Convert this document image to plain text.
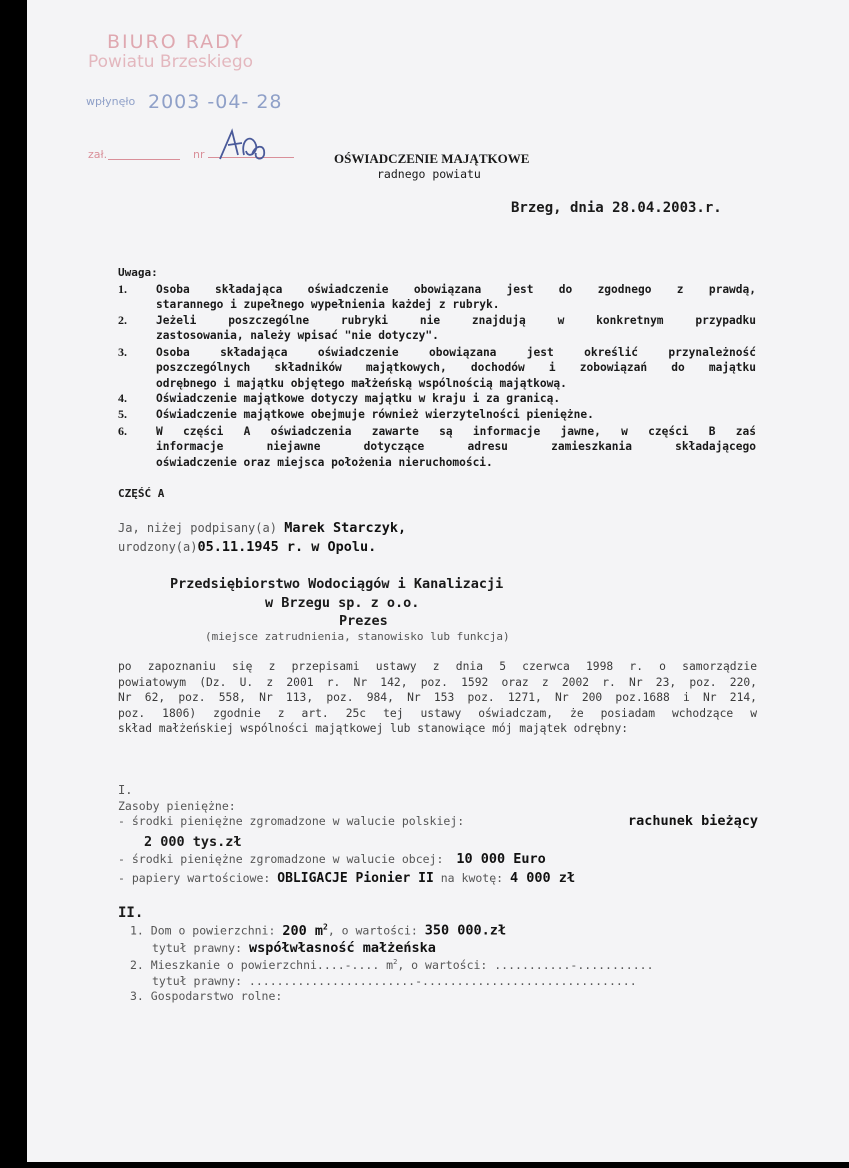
BIURO RADY
Powiatu Brzeskiego
wpłynęło 2003 -04- 28
zał.	nr	OŚWIADCZENIE MAJĄTKOWE
radnego powiatu
Brzeg, dnia 28.04.2003.r.
Uwaga:
1.	Osoba składająca oświadczenie obowiązana jest do zgodnego z prawdą,
starannego i zupełnego wypełnienia każdej z rubryk.
2.	Jeżeli poszczególne rubryki nie znajdują w konkretnym przypadku
zastosowania, należy wpisać "nie dotyczy".
3.	Osoba składająca oświadczenie obowiązana jest określić przynależność
poszczególnych składników majątkowych, dochodów i zobowiązań do majątku
odrębnego i majątku objętego małżeńską wspólnością majątkową.
4.	Oświadczenie majątkowe dotyczy majątku w kraju i za granicą.
5.	Oświadczenie majątkowe obejmuje również wierzytelności pieniężne.
6.	W części A oświadczenia zawarte są informacje jawne, w części B zaś
informacje niejawne dotyczące adresu zamieszkania składającego
oświadczenie oraz miejsca położenia nieruchomości.
CZĘŚĆ A
Ja, niżej podpisany(a) Marek Starczyk,
urodzony(a)05.11.1945 r. w Opolu.
Przedsiębiorstwo Wodociągów i Kanalizacji
w Brzegu sp. z o.o.
Prezes
(miejsce zatrudnienia, stanowisko lub funkcja)
po zapoznaniu się z przepisami ustawy z dnia 5 czerwca 1998 r. o samorządzie
powiatowym (Dz. U. z 2001 r. Nr 142, poz. 1592 oraz z 2002 r. Nr 23, poz. 220,
Nr 62, poz. 558, Nr 113, poz. 984, Nr 153 poz. 1271, Nr 200 poz.1688 i Nr 214,
poz. 1806) zgodnie z art. 25c tej ustawy oświadczam, że posiadam wchodzące w
skład małżeńskiej wspólności majątkowej lub stanowiące mój majątek odrębny:
I.
Zasoby pieniężne:
- środki pieniężne zgromadzone w walucie polskiej:	rachunek bieżący
2 000 tys.zł
- środki pieniężne zgromadzone w walucie obcej: 10 000 Euro
- papiery wartościowe: OBLIGACJE Pionier II na kwotę: 4 000 zł
II.
1. Dom o powierzchni: 200 $m^2$, o wartości: 350 000.zł
tytuł prawny: współwłasność małżeńska
2. Mieszkanie o powierzchni....-.... $m^2$, o wartości: ...........-...........
tytuł prawny: ........................-...............................
3. Gospodarstwo rolne:
